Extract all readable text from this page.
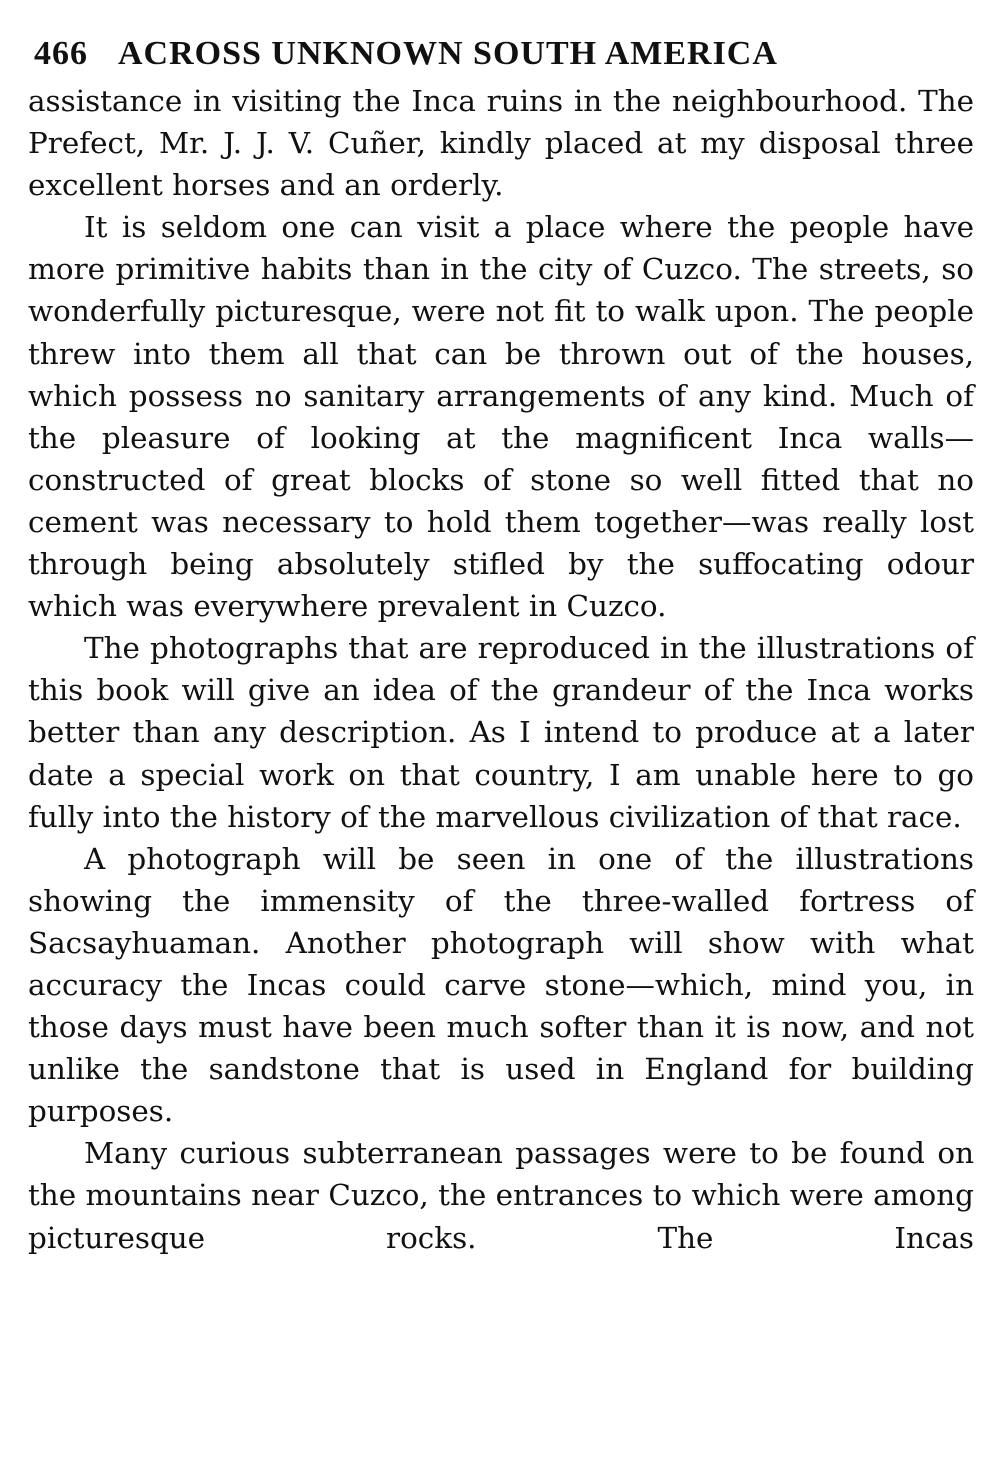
466 ACROSS UNKNOWN SOUTH AMERICA

assistance in visiting the Inca ruins in the neighbourhood. The Prefect, Mr. J. J. V. Cuñer, kindly placed at my disposal three excellent horses and an orderly.

It is seldom one can visit a place where the people have more primitive habits than in the city of Cuzco. The streets, so wonderfully picturesque, were not fit to walk upon. The people threw into them all that can be thrown out of the houses, which possess no sanitary arrangements of any kind. Much of the pleasure of looking at the magnificent Inca walls—constructed of great blocks of stone so well fitted that no cement was necessary to hold them together—was really lost through being absolutely stifled by the suffocating odour which was everywhere prevalent in Cuzco.

The photographs that are reproduced in the illustrations of this book will give an idea of the grandeur of the Inca works better than any description. As I intend to produce at a later date a special work on that country, I am unable here to go fully into the history of the marvellous civilization of that race.

A photograph will be seen in one of the illustrations showing the immensity of the three-walled fortress of Sacsayhuaman. Another photograph will show with what accuracy the Incas could carve stone—which, mind you, in those days must have been much softer than it is now, and not unlike the sandstone that is used in England for building purposes.

Many curious subterranean passages were to be found on the mountains near Cuzco, the entrances to which were among picturesque rocks. The Incas
